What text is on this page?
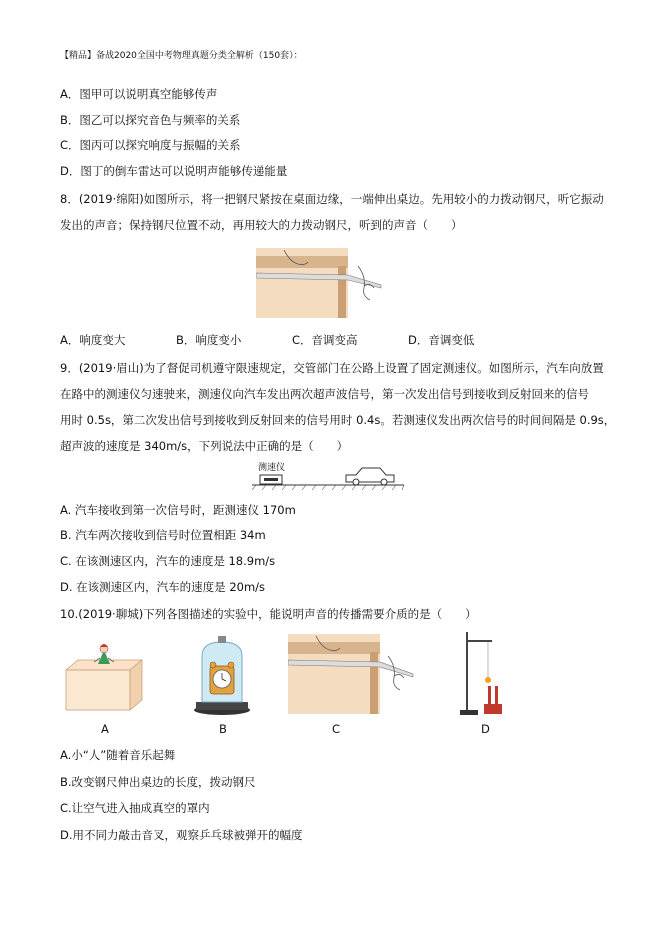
【精品】备战2020全国中考物理真题分类全解析（150套）：
A．图甲可以说明真空能够传声
B．图乙可以探究音色与频率的关系
C．图丙可以探究响度与振幅的关系
D．图丁的倒车雷达可以说明声能够传递能量
8．(2019·绵阳)如图所示，将一把钢尺紧按在桌面边缘，一端伸出桌边。先用较小的力拨动钢尺，听它振动
发出的声音；保持钢尺位置不动，再用较大的力拨动钢尺，听到的声音（　　）
A．响度变大	B．响度变小	C．音调变高	D．音调变低
9．(2019·眉山)为了督促司机遵守限速规定，交管部门在公路上设置了固定测速仪。如图所示，汽车向放置
在路中的测速仪匀速驶来，测速仪向汽车发出两次超声波信号，第一次发出信号到接收到反射回来的信号
用时 0.5s，第二次发出信号到接收到反射回来的信号用时 0.4s。若测速仪发出两次信号的时间间隔是 0.9s，
超声波的速度是 340m/s，下列说法中正确的是（　　）
测速仪
A. 汽车接收到第一次信号时，距测速仪 170m
B. 汽车两次接收到信号时位置相距 34m
C. 在该测速区内，汽车的速度是 18.9m/s
D. 在该测速区内，汽车的速度是 20m/s
10.(2019·聊城)下列各图描述的实验中，能说明声音的传播需要介质的是（　　）
A	B	C	D
A.小“人”随着音乐起舞
B.改变钢尺伸出桌边的长度，拨动钢尺
C.让空气进入抽成真空的罩内
D.用不同力敲击音叉，观察乒乓球被弹开的幅度
